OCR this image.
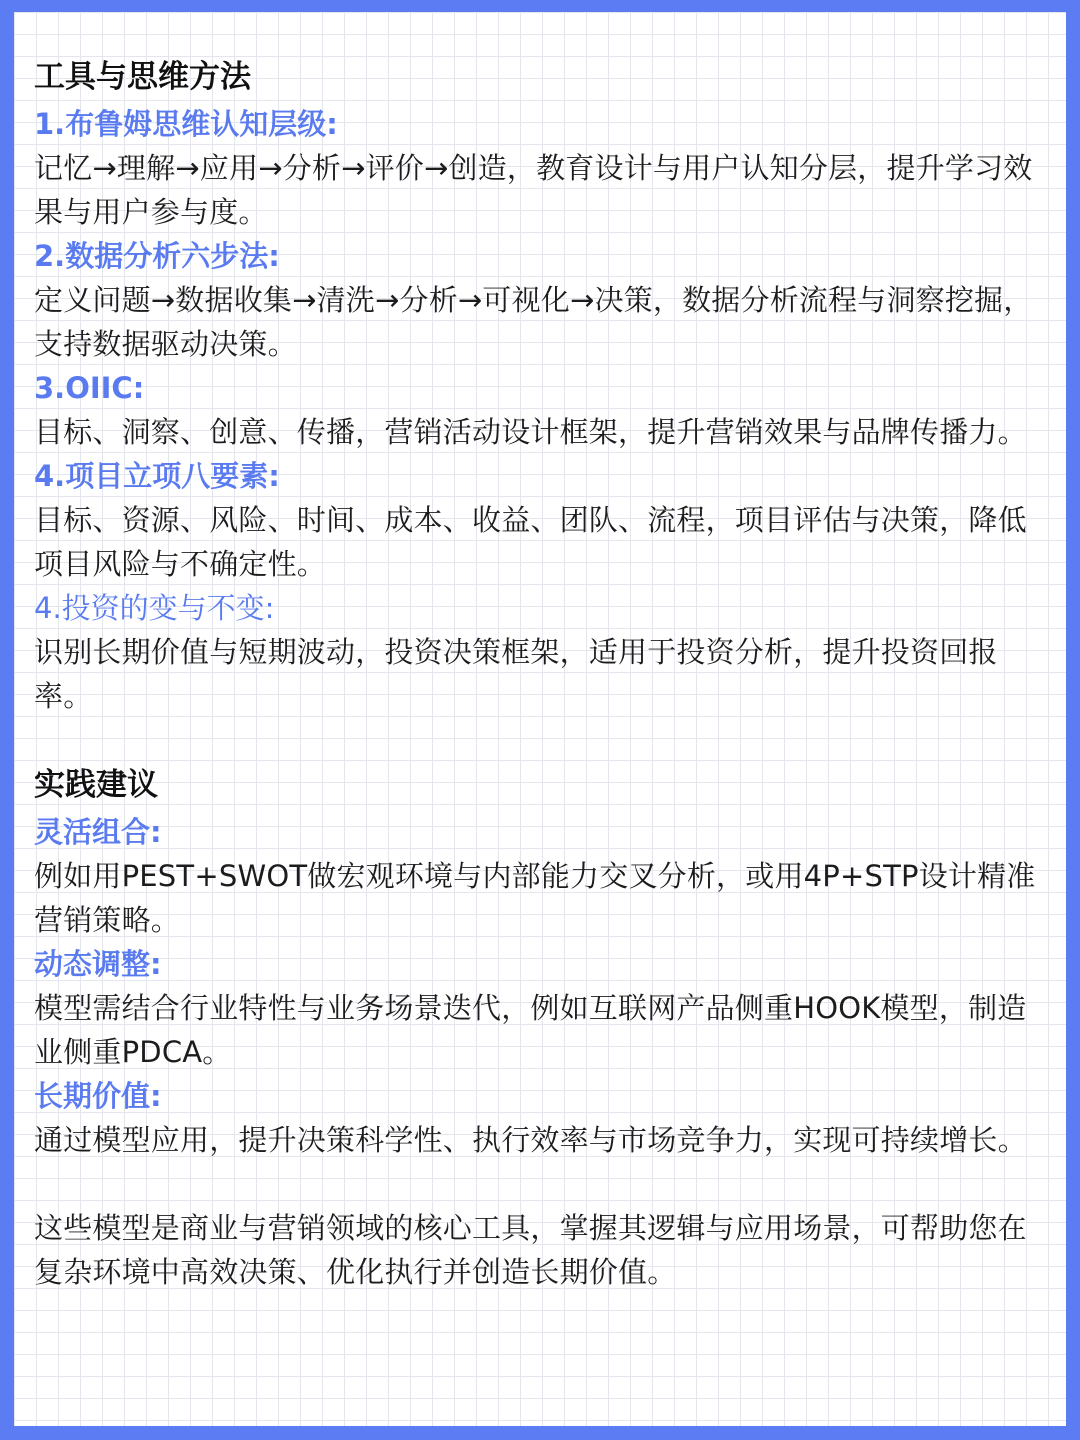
工具与思维方法
1.布鲁姆思维认知层级:
记忆→理解→应用→分析→评价→创造，教育设计与用户认知分层，提升学习效果与用户参与度。
2.数据分析六步法:
定义问题→数据收集→清洗→分析→可视化→决策，数据分析流程与洞察挖掘，支持数据驱动决策。
3.OIIC:
目标、洞察、创意、传播，营销活动设计框架，提升营销效果与品牌传播力。
4.项目立项八要素:
目标、资源、风险、时间、成本、收益、团队、流程，项目评估与决策，降低项目风险与不确定性。
4.投资的变与不变:
识别长期价值与短期波动，投资决策框架，适用于投资分析，提升投资回报率。
实践建议
灵活组合:
例如用PEST+SWOT做宏观环境与内部能力交叉分析，或用4P+STP设计精准营销策略。
动态调整:
模型需结合行业特性与业务场景迭代，例如互联网产品侧重HOOK模型，制造业侧重PDCA。
长期价值:
通过模型应用，提升决策科学性、执行效率与市场竞争力，实现可持续增长。
这些模型是商业与营销领域的核心工具，掌握其逻辑与应用场景，可帮助您在复杂环境中高效决策、优化执行并创造长期价值。
